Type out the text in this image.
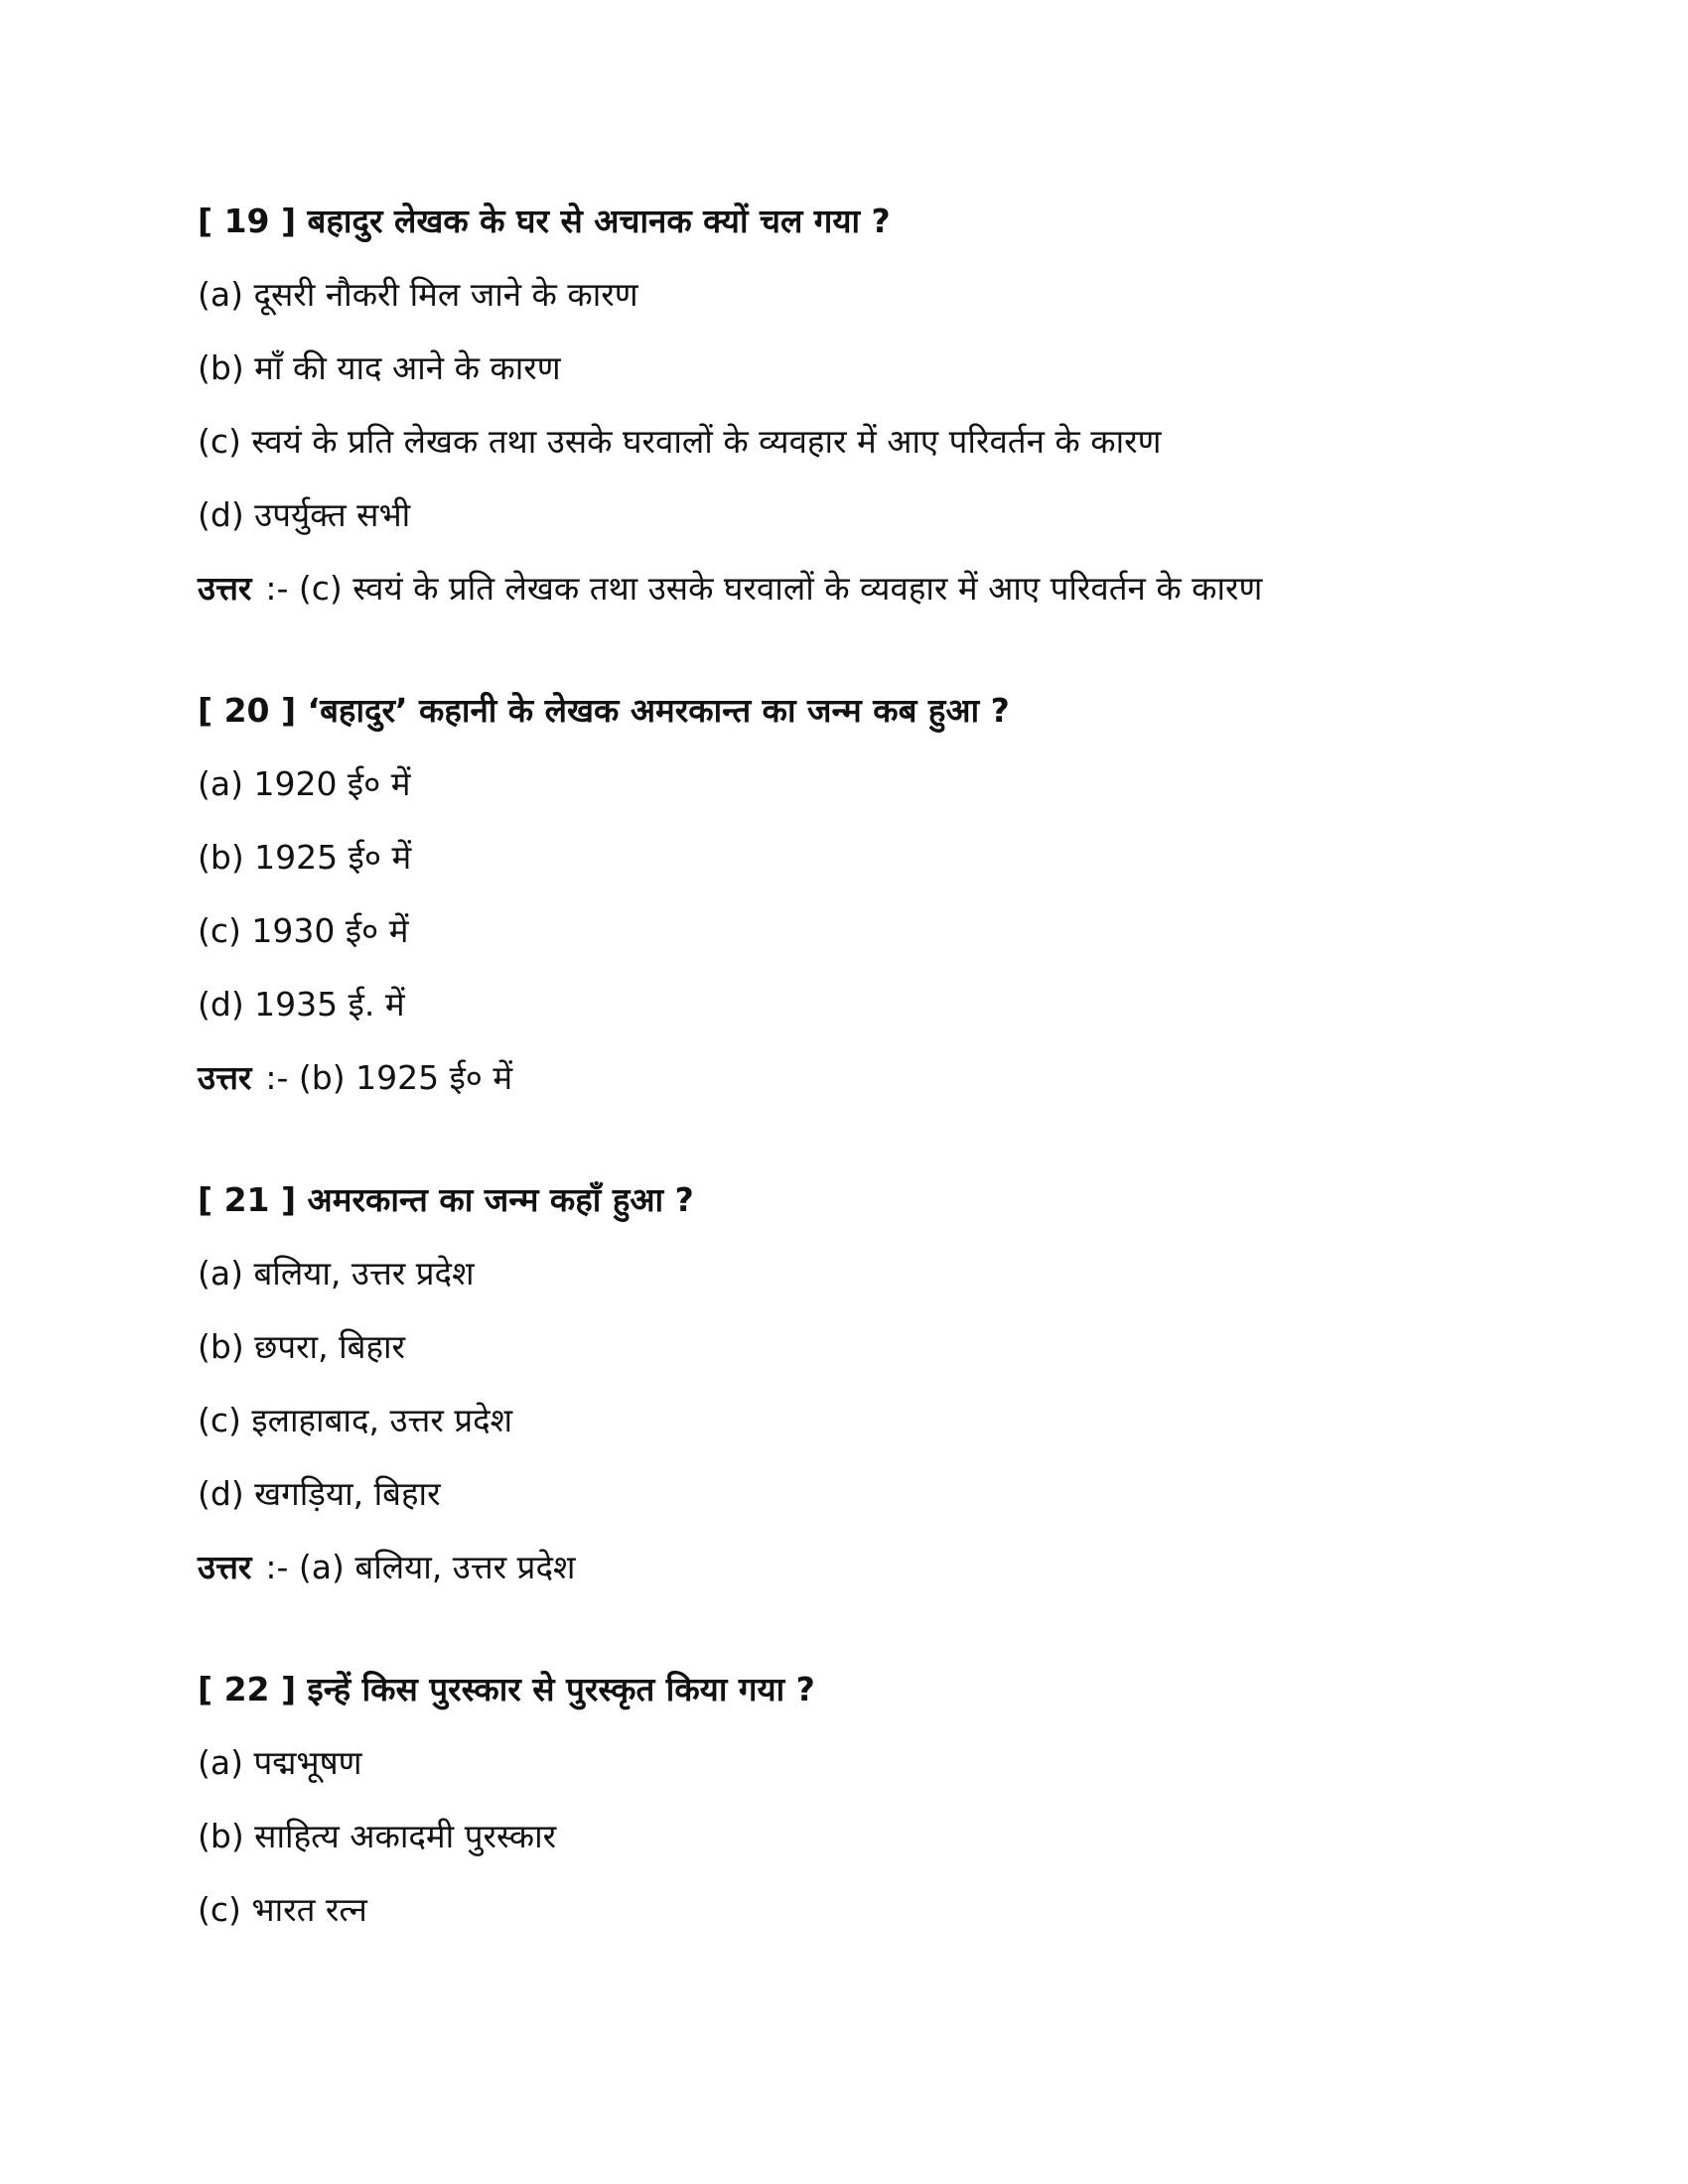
[ 19 ] बहादुर लेखक के घर से अचानक क्यों चल गया ?
(a) दूसरी नौकरी मिल जाने के कारण
(b) माँ की याद आने के कारण
(c) स्वयं के प्रति लेखक तथा उसके घरवालों के व्यवहार में आए परिवर्तन के कारण
(d) उपर्युक्त सभी
उत्तर :- (c) स्वयं के प्रति लेखक तथा उसके घरवालों के व्यवहार में आए परिवर्तन के कारण
[ 20 ] ‘बहादुर’ कहानी के लेखक अमरकान्त का जन्म कब हुआ ?
(a) 1920 ई० में
(b) 1925 ई० में
(c) 1930 ई० में
(d) 1935 ई. में
उत्तर :- (b) 1925 ई० में
[ 21 ] अमरकान्त का जन्म कहाँ हुआ ?
(a) बलिया, उत्तर प्रदेश
(b) छपरा, बिहार
(c) इलाहाबाद, उत्तर प्रदेश
(d) खगड़िया, बिहार
उत्तर :- (a) बलिया, उत्तर प्रदेश
[ 22 ] इन्हें किस पुरस्कार से पुरस्कृत किया गया ?
(a) पद्मभूषण
(b) साहित्य अकादमी पुरस्कार
(c) भारत रत्न
